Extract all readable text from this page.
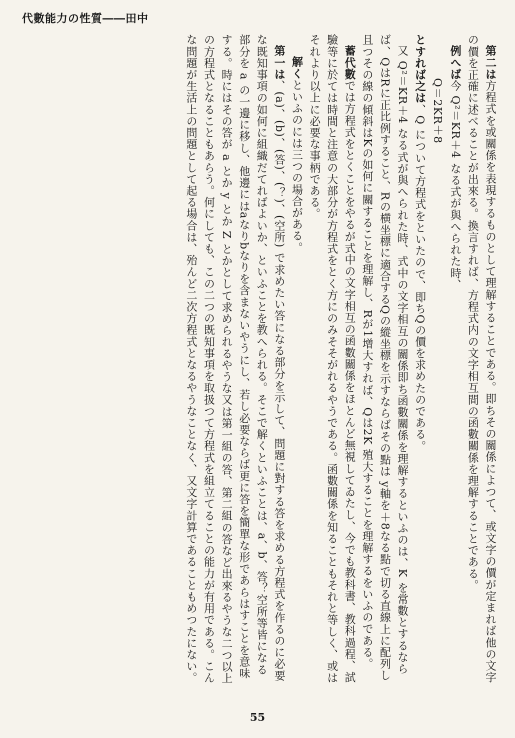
代數能力の性質――田中

第二は方程式を或關係を表現するものとして理解することである。即ちその關係によつて、或文字の價が定まれば他の文字の價を正確に述べることが出來る。換言すれば、方程式内の文字相互間の函數關係を理解することである。

例へば今 Q²＝KR＋4 なる式が與へられた時、

Q＝2KR＋8

とすれば之は、Q について方程式をといたので、即ちQの價を求めたのである。

又 Q²＝KR＋4 なる式が與へられた時、式中の文字相互の關係即ち函數關係を理解するといふのは、K を常數とするならば、QはRに正比例すること、Rの横坐標に適合するQの縱坐標を示すならばその點は y軸を＋8なる點で切る直線上に配列し且つその線の傾斜はKの如何に關することを理解し、Rが1增大すれば、Qは2K 殖大することを理解するをいふのである。

蓄代數では方程式をとくことをやるが式中の文字相互の函數關係をほとんど無視してゐたし、今でも教科書、教科過程、試驗等に於ては時間と注意の大部分が方程式をとく方にのみそそがれるやうである。函數關係を知ることもそれと等しく、或はそれより以上に必要な事柄である。

解くといふのには三つの場合がある。

第一は、(a)、(b)、(答)、(？)、(空所) で求めたい答になる部分を示して、問題に對する答を求める方程式を作るのに必要な既知事項の如何に組織だてればよいか、といふことを教へられる。そこで解くといふことは、a、b、答？空所等皆になる部分を a の一邊に移し、他邊にはaなりbなりを含まないやうにし、若し必要ならば更に答を簡單な形であらはすことを意味する。時にはその答が a とか y とか Z とかとして求められるやうな又は第一組の答、第二組の答など出來るやうな二つ以上の方程式となることもあらう。何にしても、この二つの既知事項を取扱つて方程式を組立てることの能力が有用である。こんな問題が生活上の問題として起る場合は、殆んど二次方程式となるやうなことなく、又文字計算であることもめつたにない。

55
